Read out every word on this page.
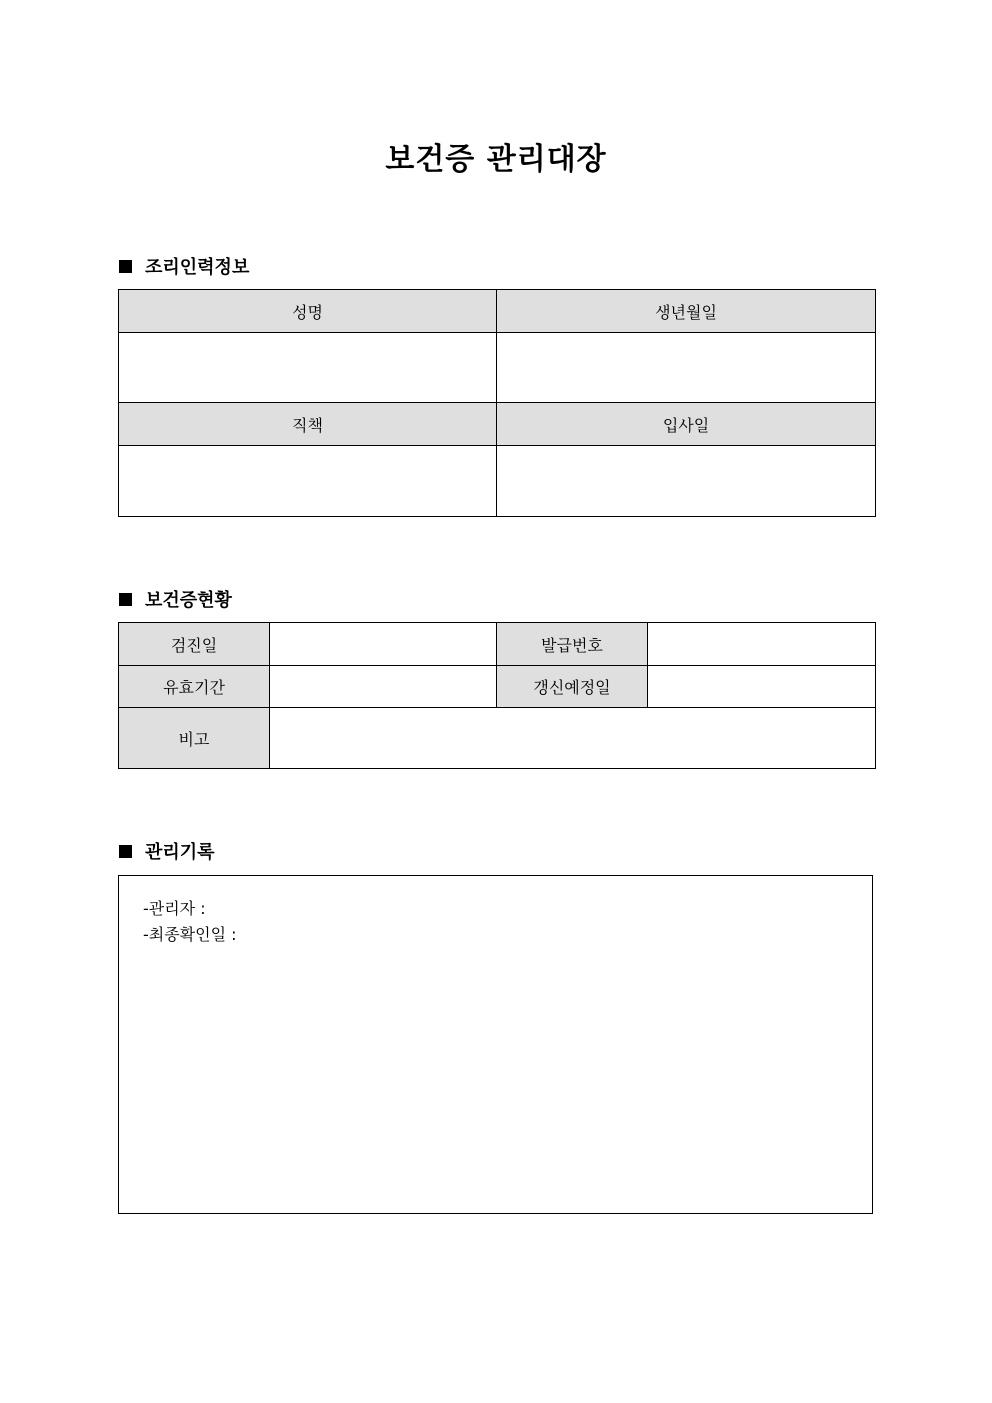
보건증 관리대장
조리인력정보
성명	생년월일

직책	입사일

보건증현황
검진일		발급번호	
유효기간		갱신예정일	
비고			
관리기록
-관리자 :
-최종확인일 :
